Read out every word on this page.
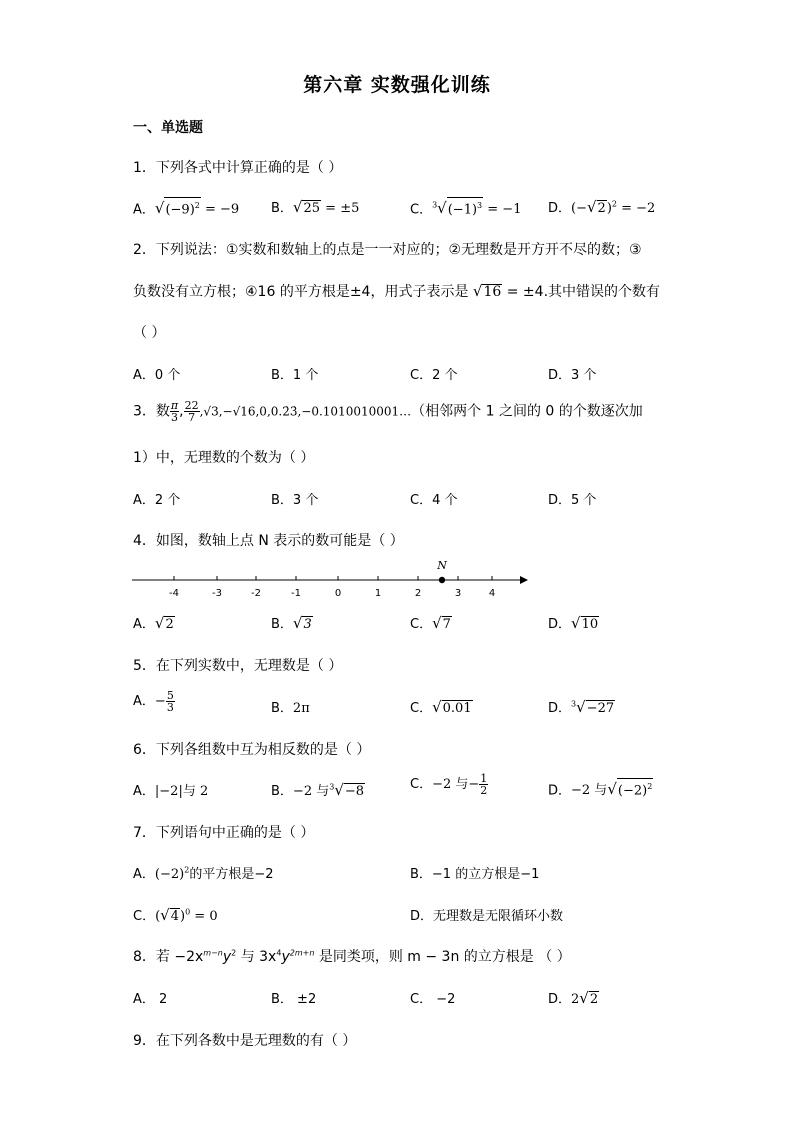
第六章 实数强化训练
一、单选题
1．下列各式中计算正确的是（ ）
A．$√(-9)^2 = -9$ B．√25 = ±5	C．$^3√(-1)^3 = -1$ D．$(-√2)^2 = -2$
2．下列说法：①实数和数轴上的点是一一对应的；②无理数是开方开不尽的数；③
负数没有立方根；④16 的平方根是±4，用式子表示是 √16 = ±4.其中错误的个数有
（ ）
A．0 个	B．1 个	C．2 个	D．3 个
3．数 $\frac{\pi}{3}$ , $\frac{22}{7}$ ,√3,−√16,0,0.2̇3̇,−0.1010010001…（相邻两个 1 之间的 0 的个数逐次加
1）中，无理数的个数为（ ）
A．2 个	B．3 个	C．4 个	D．5 个
4．如图，数轴上点 N 表示的数可能是（ ）
-4	-3	-2	-1	0	1	2	3	4
N
A．√2	B．√3	C．√7	D．√10
5．在下列实数中，无理数是（ ）
A．− $\frac{5}{3}$	B．2π	C．√0.01	D．$^3$√−27
6．下列各组数中互为相反数的是（ ）
A．|−2|与 2	B．−2 与$^3$√−8	C．−2 与− $\frac{1}{2}$	D．−2 与$√(-2)^2$
7．下列语句中正确的是（ ）
A．$(-2)^2$的平方根是−2	B．−1 的立方根是−1
C．$(√4)^0 = 0$	D．无理数是无限循环小数
8．若 $-2x^{m-n}y^2$ 与 $3x^4y^{2m+n}$ 是同类项，则 m − 3n 的立方根是 （ ）
A． 2	B． ±2	C． −2	D．2√2
9．在下列各数中是无理数的有（ ）
